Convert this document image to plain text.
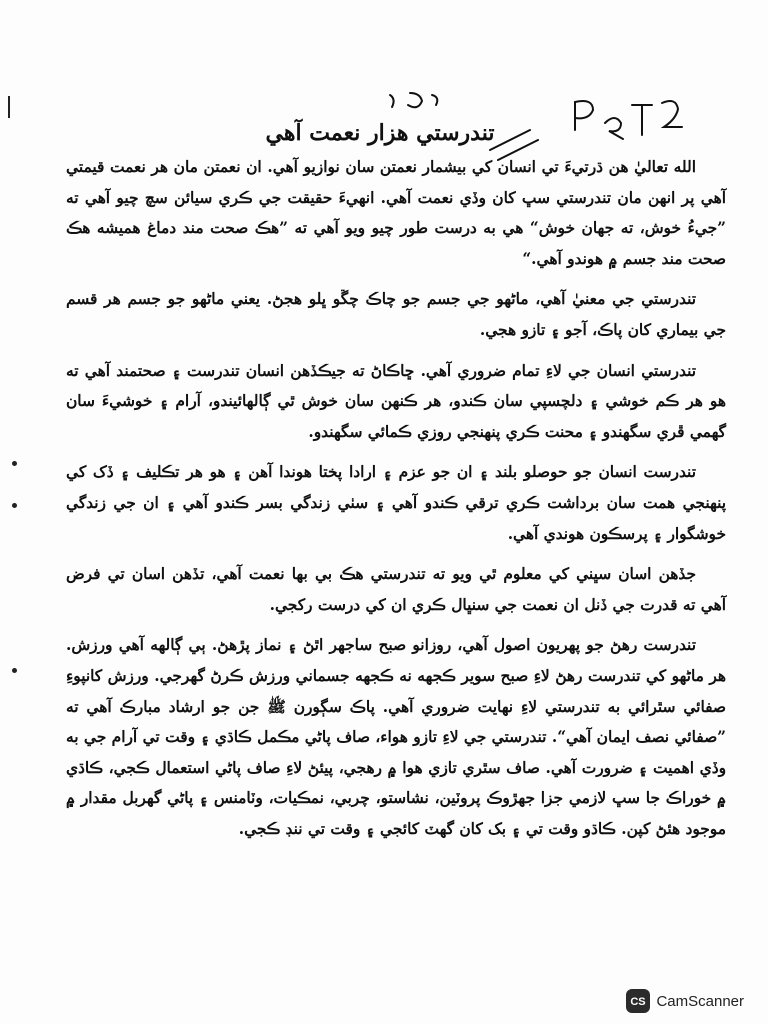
تندرستي هزار نعمت آهي

الله تعاليٰ هن ڌرتيءَ تي انسان کي بيشمار نعمتن سان نوازيو آهي. ان نعمتن مان هر نعمت قيمتي آهي پر انهن مان تندرستي سڀ کان وڏي نعمت آهي. انهيءَ حقيقت جي ڪري سيائن سچ چيو آهي ته ”جيءُ خوش، ته جهان خوش“ هي به درست طور چيو ويو آهي ته ”هڪ صحت مند دماغ هميشه هڪ صحت مند جسم ۾ هوندو آهي.“

تندرستي جي معنيٰ آهي، ماڻهو جي جسم جو چاڪ چڱو ڀلو هجڻ. يعني ماڻهو جو جسم هر قسم جي بيماري کان پاڪ، آجو ۽ تازو هجي.

تندرستي انسان جي لاءِ تمام ضروري آهي. ڇاڪاڻ ته جيڪڏهن انسان تندرست ۽ صحتمند آهي ته هو هر ڪم خوشي ۽ دلچسپي سان ڪندو، هر ڪنهن سان خوش ٿي ڳالهائيندو، آرام ۽ خوشيءَ سان گهمي ڦري سگهندو ۽ محنت ڪري پنهنجي روزي ڪمائي سگهندو.

تندرست انسان جو حوصلو بلند ۽ ان جو عزم ۽ ارادا پختا هوندا آهن ۽ هو هر تڪليف ۽ ڏک کي پنهنجي همت سان برداشت ڪري ترقي ڪندو آهي ۽ سٺي زندگي بسر ڪندو آهي ۽ ان جي زندگي خوشگوار ۽ پرسڪون هوندي آهي.

جڏهن اسان سڀني کي معلوم ٿي ويو ته تندرستي هڪ بي بها نعمت آهي، تڏهن اسان تي فرض آهي ته قدرت جي ڏنل ان نعمت جي سنڀال ڪري ان کي درست رکجي.

تندرست رهڻ جو پهريون اصول آهي، روزانو صبح ساجهر اٿڻ ۽ نماز پڙهڻ. ٻي ڳالهه آهي ورزش. هر ماڻهو کي تندرست رهڻ لاءِ صبح سوير ڪجهه نه ڪجهه جسماني ورزش ڪرڻ گهرجي. ورزش کانپوءِ صفائي سٿرائي به تندرستي لاءِ نهايت ضروري آهي. پاڪ سڳورن ﷺ جن جو ارشاد مبارڪ آهي ته ”صفائي نصف ايمان آهي“. تندرستي جي لاءِ تازو هواء، صاف پاڻي مڪمل ڪاڌي ۽ وقت تي آرام جي به وڏي اهميت ۽ ضرورت آهي. صاف سٿري تازي هوا ۾ رهجي، پيئڻ لاءِ صاف پاڻي استعمال ڪجي، ڪاڌي ۾ خوراڪ جا سڀ لازمي جزا جهڙوڪ پروٽين، نشاستو، چربي، نمڪيات، وٽامنس ۽ پاڻي گهربل مقدار ۾ موجود هئڻ کپن. ڪاڌو وقت تي ۽ بک کان گهٽ کائجي ۽ وقت تي ننڊ ڪجي.

CS CamScanner
